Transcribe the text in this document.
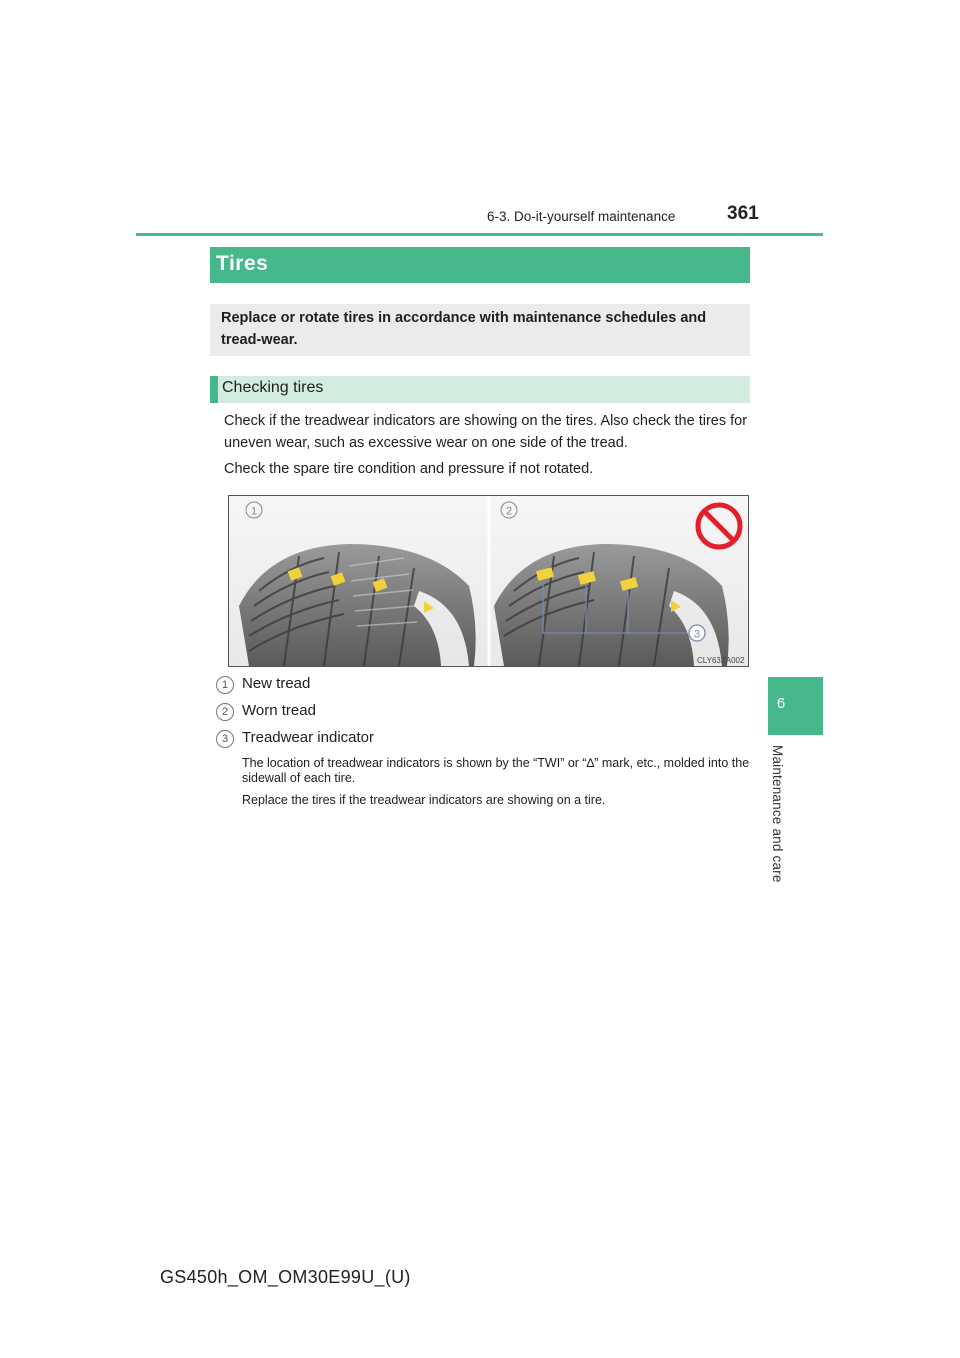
6-3. Do-it-yourself maintenance	361
6
Maintenance and care
Tires
Replace or rotate tires in accordance with maintenance schedules and tread-wear.
Checking tires
Check if the treadwear indicators are showing on the tires. Also check the tires for uneven wear, such as excessive wear on one side of the tread.
Check the spare tire condition and pressure if not rotated.
1	2
3
CLY63ZA002
1 New tread
2 Worn tread
3 Treadwear indicator
The location of treadwear indicators is shown by the “TWI” or “∆” mark, etc., molded into the sidewall of each tire.
Replace the tires if the treadwear indicators are showing on a tire.
GS450h_OM_OM30E99U_(U)
